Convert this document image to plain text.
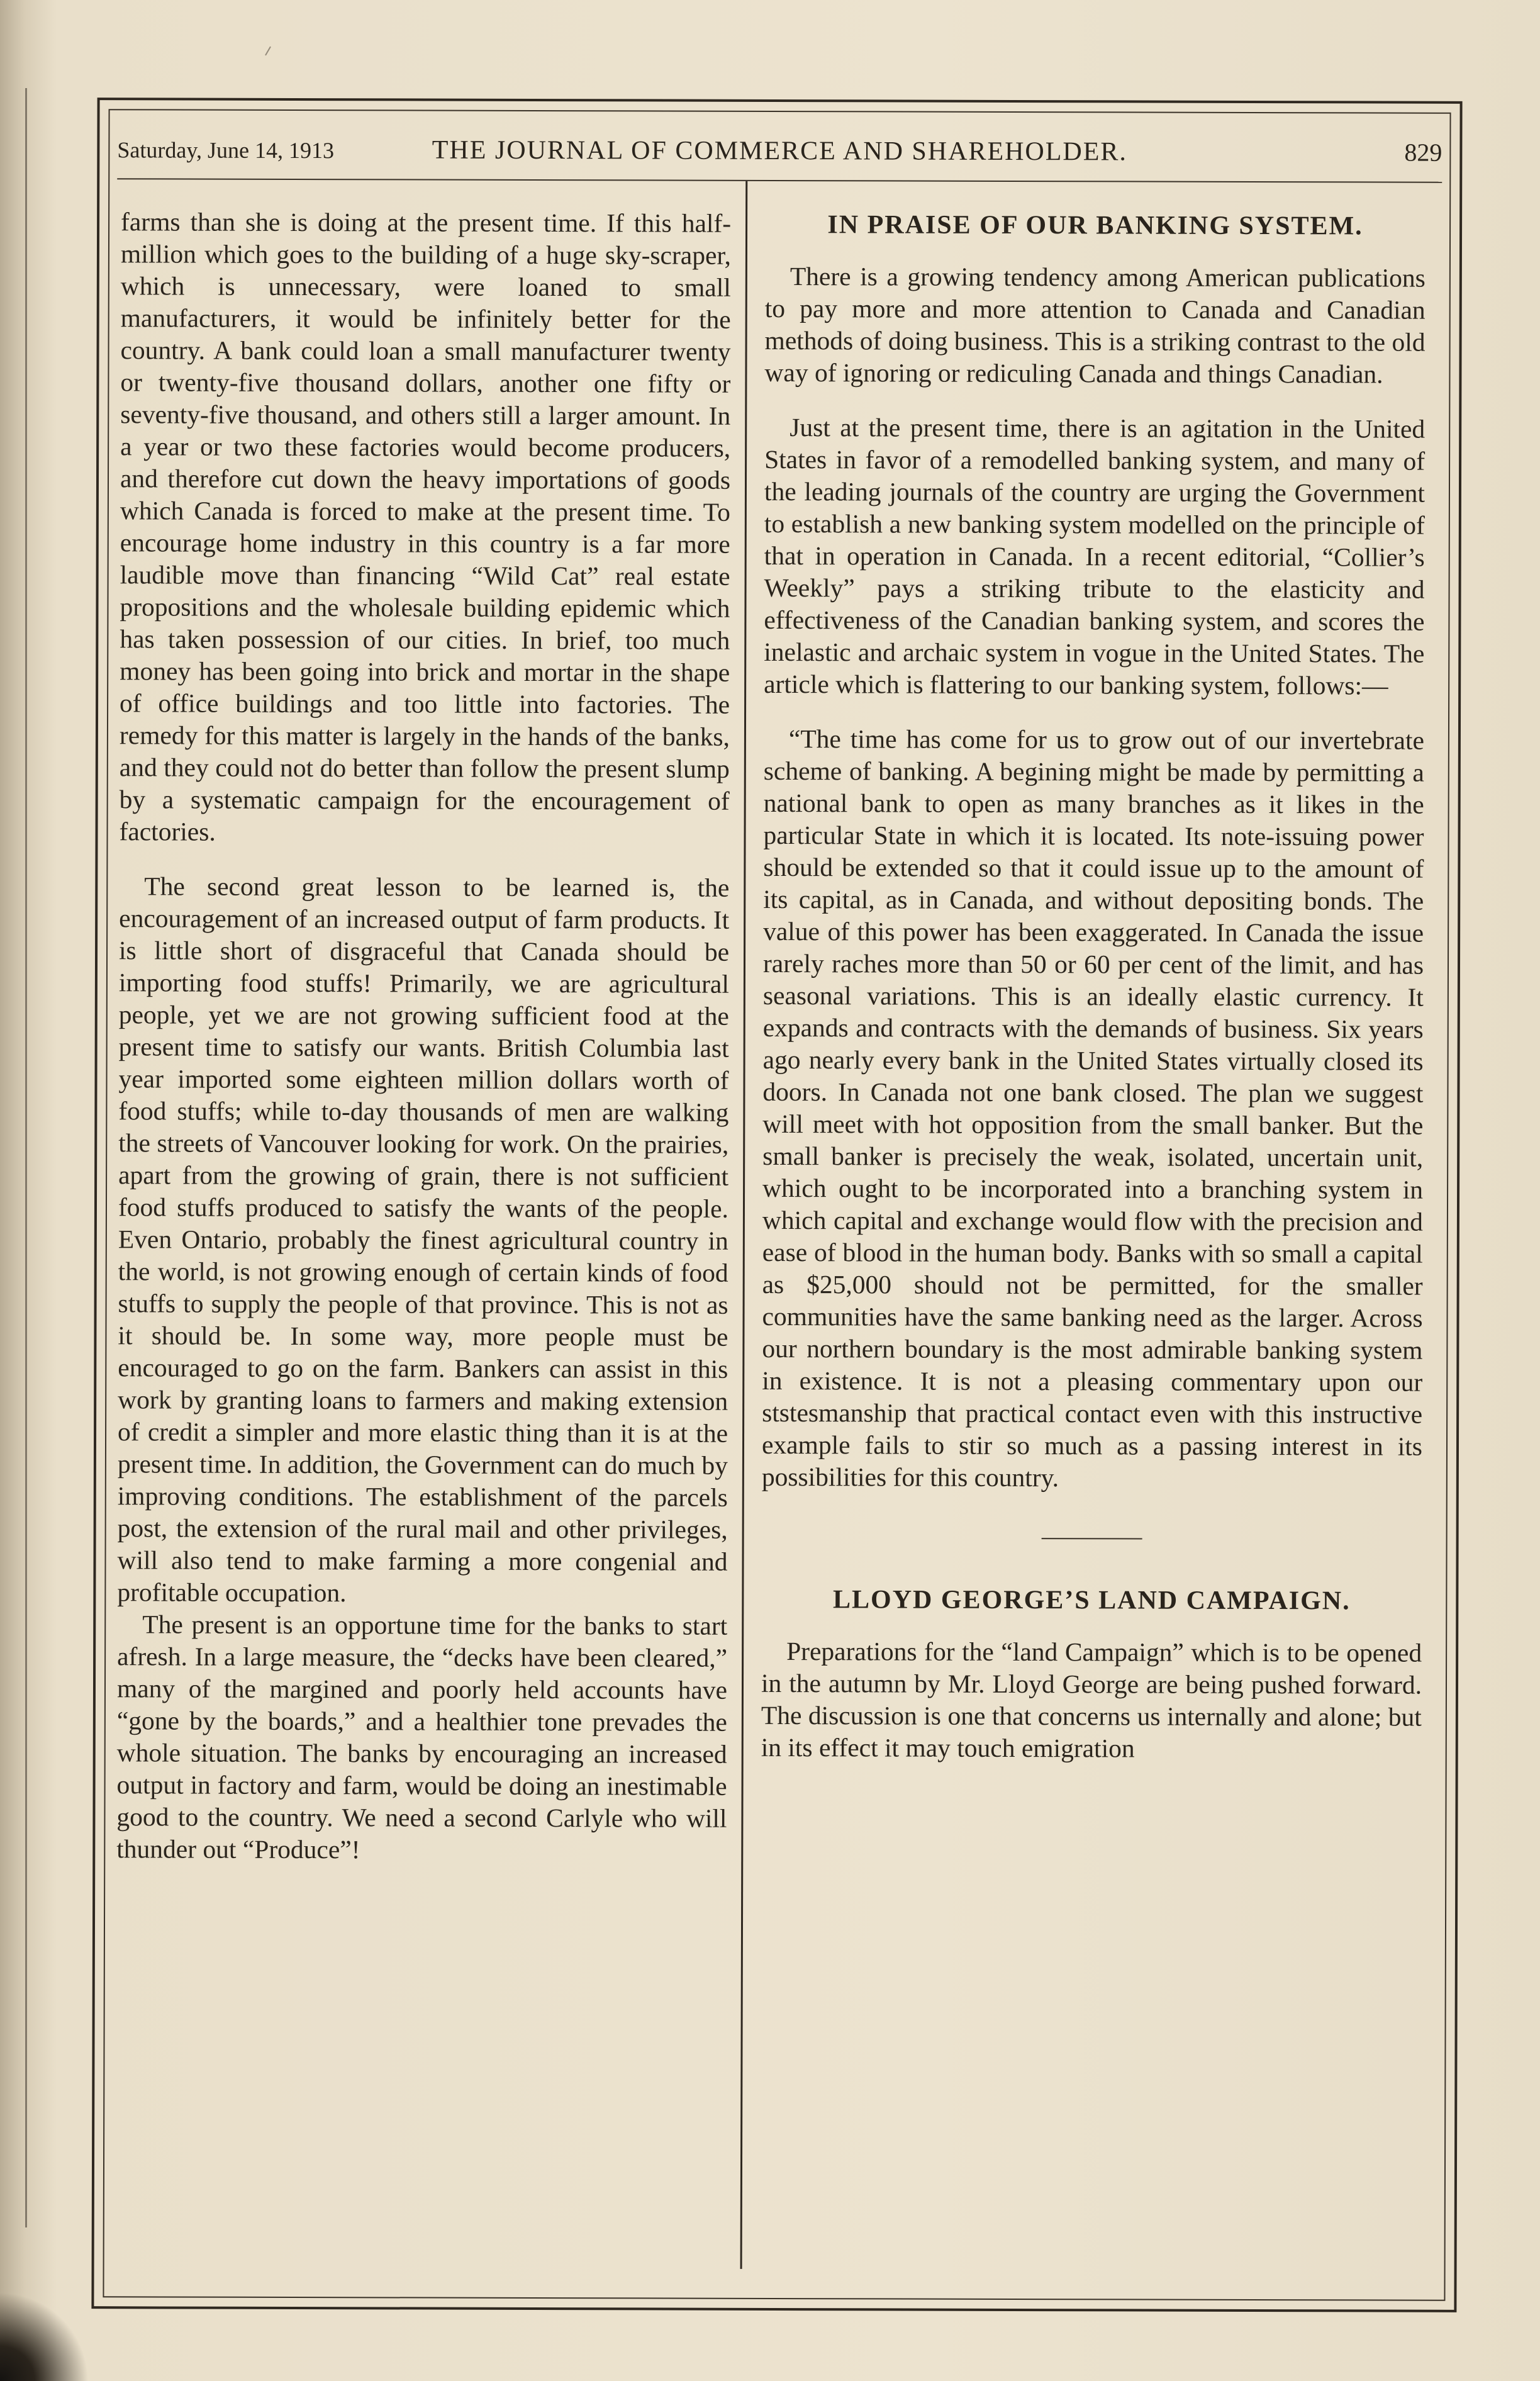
Saturday, June 14, 1913	THE JOURNAL OF COMMERCE AND SHAREHOLDER.	829

farms than she is doing at the present time. If this half-million which goes to the building of a huge sky-scraper, which is unnecessary, were loaned to small manufacturers, it would be infinitely better for the country. A bank could loan a small manufacturer twenty or twenty-five thousand dollars, another one fifty or seventy-five thousand, and others still a larger amount. In a year or two these factories would become producers, and therefore cut down the heavy importations of goods which Canada is forced to make at the present time. To encourage home industry in this country is a far more laudible move than financing “Wild Cat” real estate propositions and the wholesale building epidemic which has taken possession of our cities. In brief, too much money has been going into brick and mortar in the shape of office buildings and too little into factories. The remedy for this matter is largely in the hands of the banks, and they could not do better than follow the present slump by a systematic campaign for the encouragement of factories.

The second great lesson to be learned is, the encouragement of an increased output of farm products. It is little short of disgraceful that Canada should be importing food stuffs! Primarily, we are agricultural people, yet we are not growing sufficient food at the present time to satisfy our wants. British Columbia last year imported some eighteen million dollars worth of food stuffs; while to-day thousands of men are walking the streets of Vancouver looking for work. On the prairies, apart from the growing of grain, there is not sufficient food stuffs produced to satisfy the wants of the people. Even Ontario, probably the finest agricultural country in the world, is not growing enough of certain kinds of food stuffs to supply the people of that province. This is not as it should be. In some way, more people must be encouraged to go on the farm. Bankers can assist in this work by granting loans to farmers and making extension of credit a simpler and more elastic thing than it is at the present time. In addition, the Government can do much by improving conditions. The establishment of the parcels post, the extension of the rural mail and other privileges, will also tend to make farming a more congenial and profitable occupation.

The present is an opportune time for the banks to start afresh. In a large measure, the “decks have been cleared,” many of the margined and poorly held accounts have “gone by the boards,” and a healthier tone prevades the whole situation. The banks by encouraging an increased output in factory and farm, would be doing an inestimable good to the country. We need a second Carlyle who will thunder out “Produce”!

IN PRAISE OF OUR BANKING SYSTEM.

There is a growing tendency among American publications to pay more and more attention to Canada and Canadian methods of doing business. This is a striking contrast to the old way of ignoring or rediculing Canada and things Canadian.

Just at the present time, there is an agitation in the United States in favor of a remodelled banking system, and many of the leading journals of the country are urging the Government to establish a new banking system modelled on the principle of that in operation in Canada. In a recent editorial, “Collier’s Weekly” pays a striking tribute to the elasticity and effectiveness of the Canadian banking system, and scores the inelastic and archaic system in vogue in the United States. The article which is flattering to our banking system, follows:—

“The time has come for us to grow out of our invertebrate scheme of banking. A begining might be made by permitting a national bank to open as many branches as it likes in the particular State in which it is located. Its note-issuing power should be extended so that it could issue up to the amount of its capital, as in Canada, and without depositing bonds. The value of this power has been exaggerated. In Canada the issue rarely raches more than 50 or 60 per cent of the limit, and has seasonal variations. This is an ideally elastic currency. It expands and contracts with the demands of business. Six years ago nearly every bank in the United States virtually closed its doors. In Canada not one bank closed. The plan we suggest will meet with hot opposition from the small banker. But the small banker is precisely the weak, isolated, uncertain unit, which ought to be incorporated into a branching system in which capital and exchange would flow with the precision and ease of blood in the human body. Banks with so small a capital as $25,000 should not be permitted, for the smaller communities have the same banking need as the larger. Across our northern boundary is the most admirable banking system in existence. It is not a pleasing commentary upon our ststesmanship that practical contact even with this instructive example fails to stir so much as a passing interest in its possibilities for this country.

LLOYD GEORGE’S LAND CAMPAIGN.

Preparations for the “land Campaign” which is to be opened in the autumn by Mr. Lloyd George are being pushed forward. The discussion is one that concerns us internally and alone; but in its effect it may touch emigration
